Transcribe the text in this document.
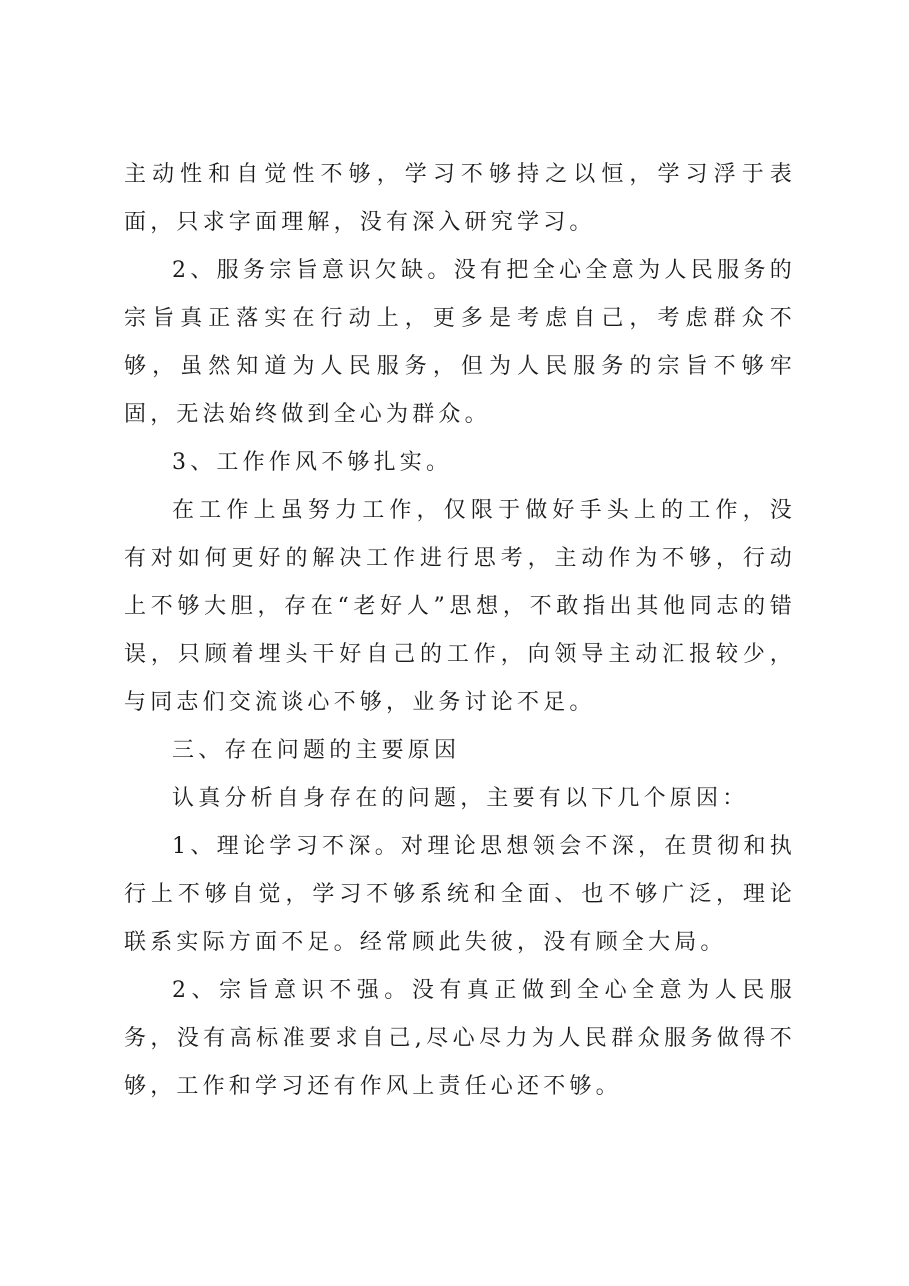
主动性和自觉性不够，学习不够持之以恒，学习浮于表面，只求字面理解，没有深入研究学习。

2、服务宗旨意识欠缺。没有把全心全意为人民服务的宗旨真正落实在行动上，更多是考虑自己，考虑群众不够，虽然知道为人民服务，但为人民服务的宗旨不够牢固，无法始终做到全心为群众。

3、工作作风不够扎实。

在工作上虽努力工作，仅限于做好手头上的工作，没有对如何更好的解决工作进行思考，主动作为不够，行动上不够大胆，存在“老好人”思想，不敢指出其他同志的错误，只顾着埋头干好自己的工作，向领导主动汇报较少，与同志们交流谈心不够，业务讨论不足。

三、存在问题的主要原因

认真分析自身存在的问题，主要有以下几个原因：

1、理论学习不深。对理论思想领会不深，在贯彻和执行上不够自觉，学习不够系统和全面、也不够广泛，理论联系实际方面不足。经常顾此失彼，没有顾全大局。

2、宗旨意识不强。没有真正做到全心全意为人民服务，没有高标准要求自己,尽心尽力为人民群众服务做得不够，工作和学习还有作风上责任心还不够。
